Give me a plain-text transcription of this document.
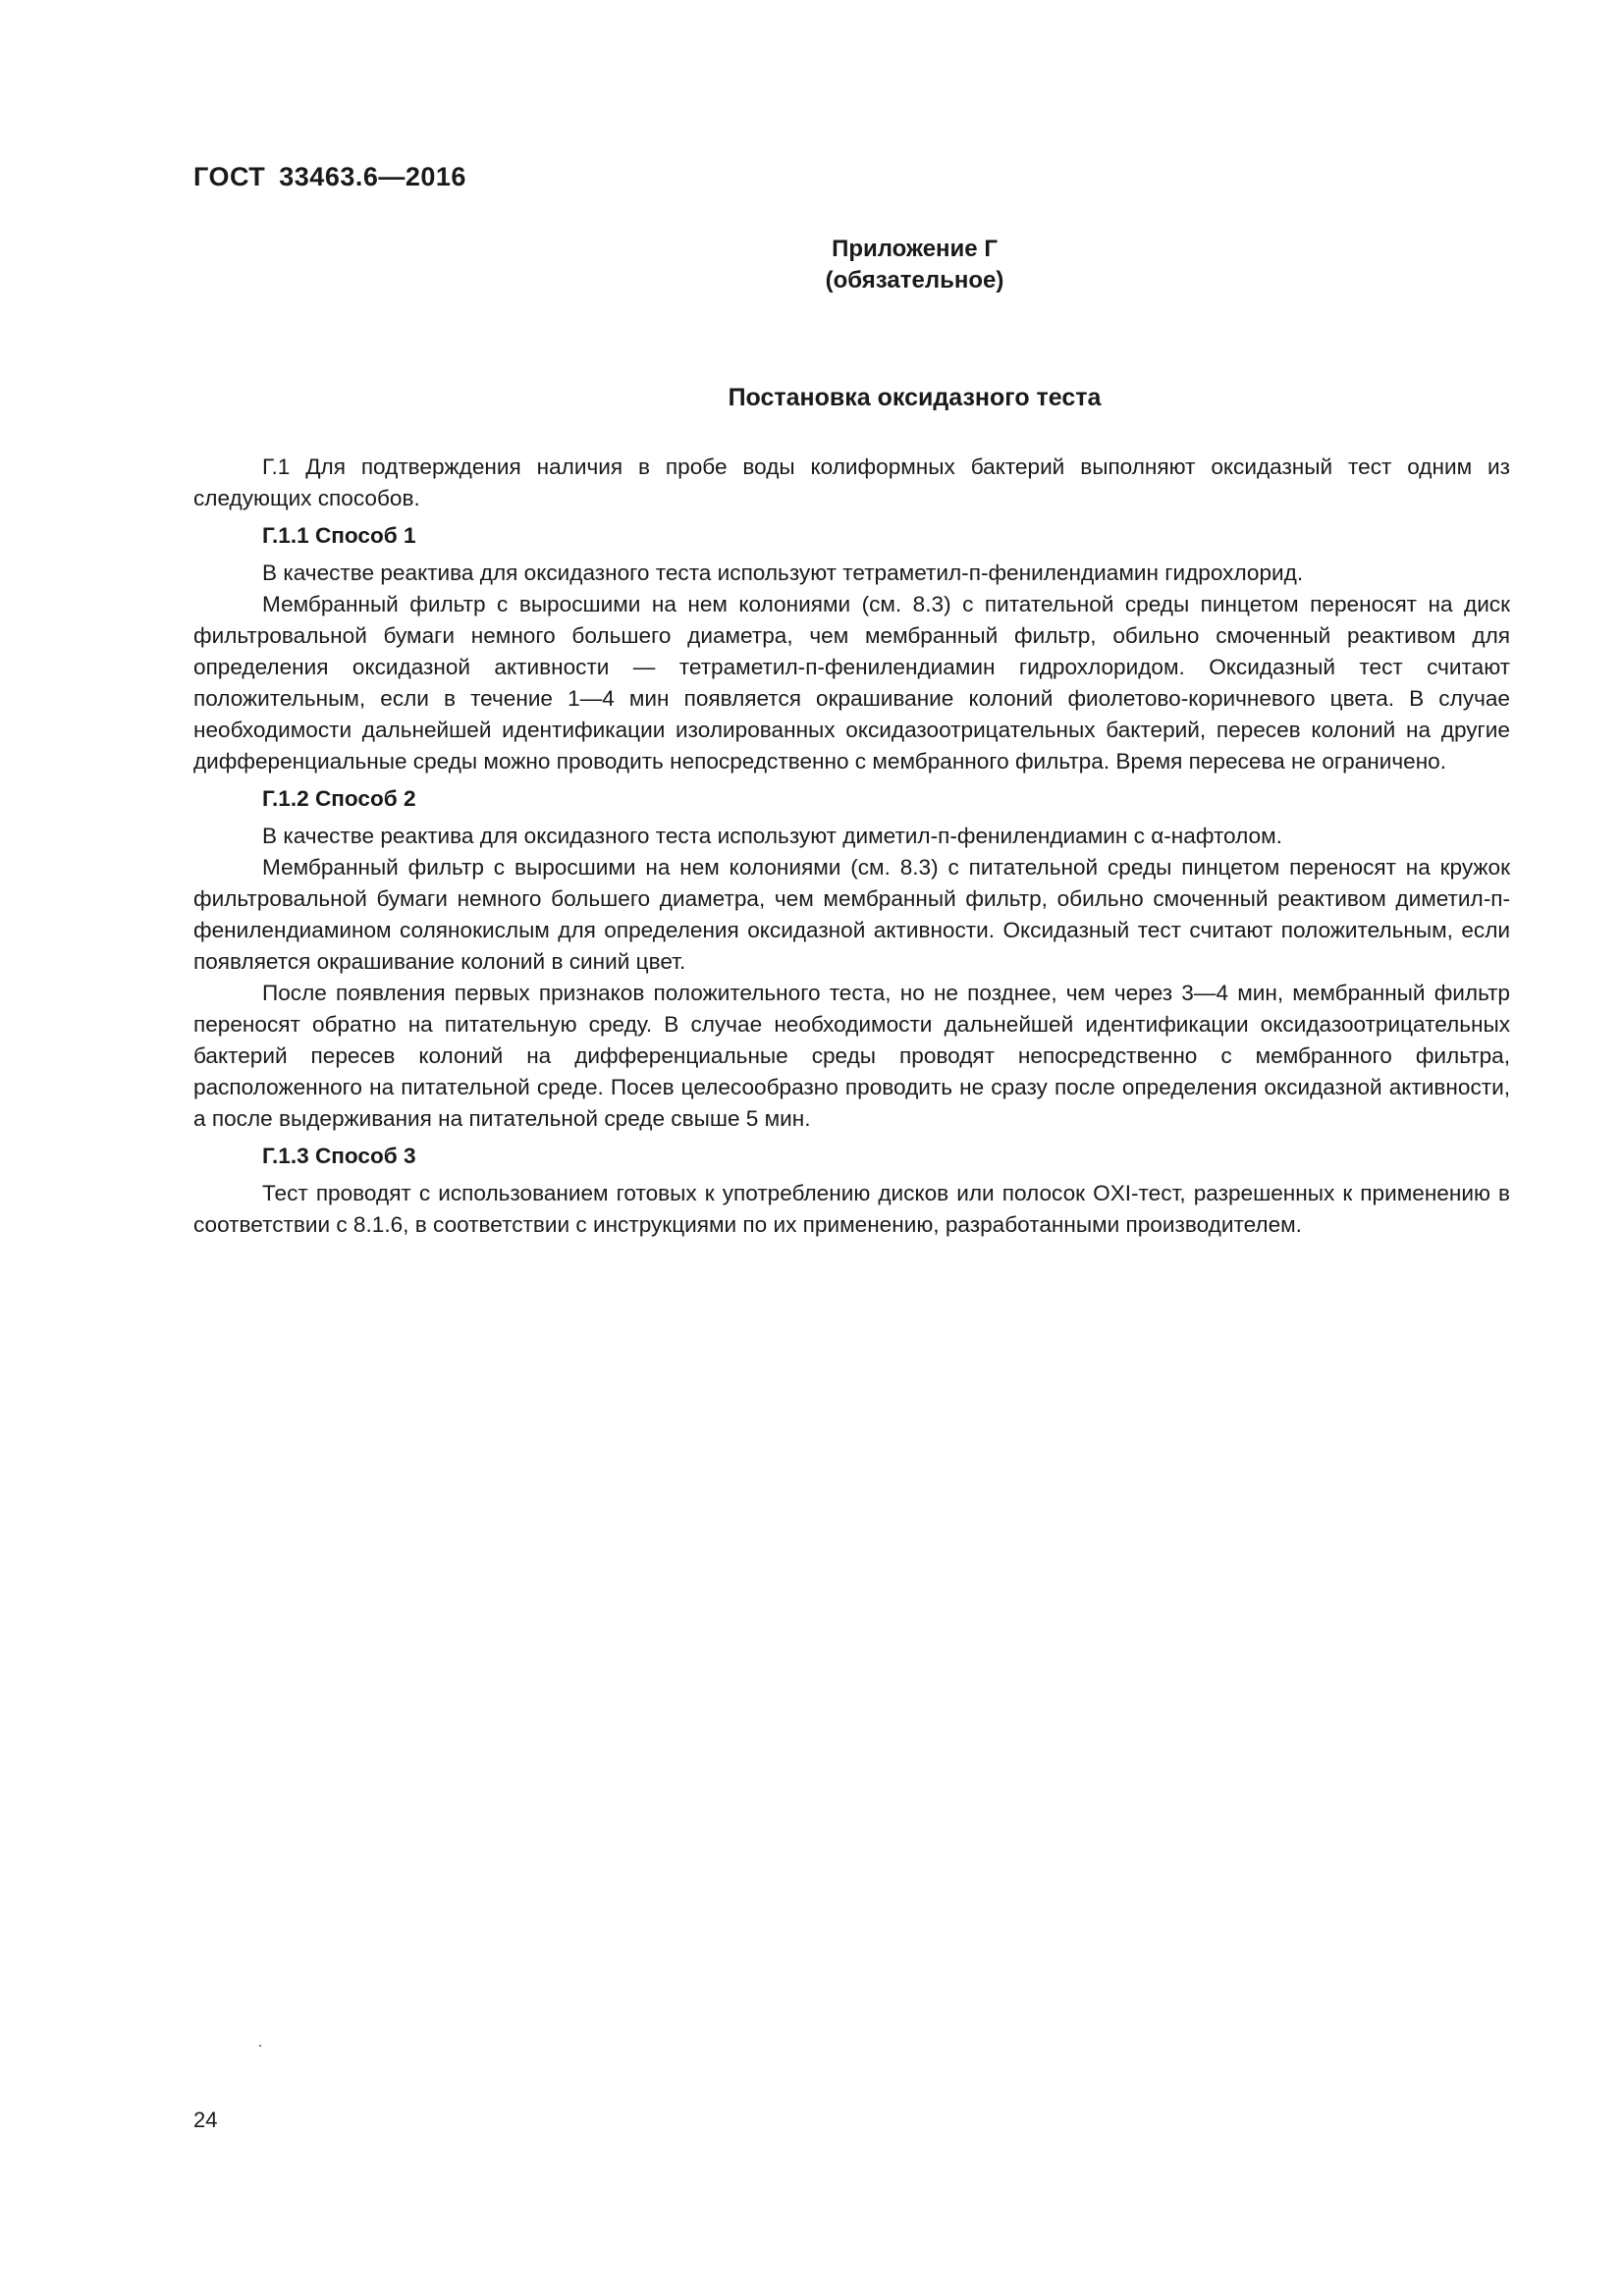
ГОСТ 33463.6—2016
Приложение Г
(обязательное)
Постановка оксидазного теста

Г.1 Для подтверждения наличия в пробе воды колиформных бактерий выполняют оксидазный тест одним из следующих способов.

Г.1.1 Способ 1

В качестве реактива для оксидазного теста используют тетраметил-п-фенилендиамин гидрохлорид.

Мембранный фильтр с выросшими на нем колониями (см. 8.3) с питательной среды пинцетом переносят на диск фильтровальной бумаги немного большего диаметра, чем мембранный фильтр, обильно смоченный реактивом для определения оксидазной активности — тетраметил-п-фенилендиамин гидрохлоридом. Оксидазный тест считают положительным, если в течение 1—4 мин появляется окрашивание колоний фиолетово-коричневого цвета. В случае необходимости дальнейшей идентификации изолированных оксидазоотрицательных бактерий, пересев колоний на другие дифференциальные среды можно проводить непосредственно с мембранного фильтра. Время пересева не ограничено.

Г.1.2 Способ 2

В качестве реактива для оксидазного теста используют диметил-п-фенилендиамин с α-нафтолом.

Мембранный фильтр с выросшими на нем колониями (см. 8.3) с питательной среды пинцетом переносят на кружок фильтровальной бумаги немного большего диаметра, чем мембранный фильтр, обильно смоченный реактивом диметил-п-фенилендиамином солянокислым для определения оксидазной активности. Оксидазный тест считают положительным, если появляется окрашивание колоний в синий цвет.

После появления первых признаков положительного теста, но не позднее, чем через 3—4 мин, мембранный фильтр переносят обратно на питательную среду. В случае необходимости дальнейшей идентификации оксидазоотрицательных бактерий пересев колоний на дифференциальные среды проводят непосредственно с мембранного фильтра, расположенного на питательной среде. Посев целесообразно проводить не сразу после определения оксидазной активности, а после выдерживания на питательной среде свыше 5 мин.

Г.1.3 Способ 3

Тест проводят с использованием готовых к употреблению дисков или полосок OXI-тест, разрешенных к применению в соответствии с 8.1.6, в соответствии с инструкциями по их применению, разработанными производителем.

24
